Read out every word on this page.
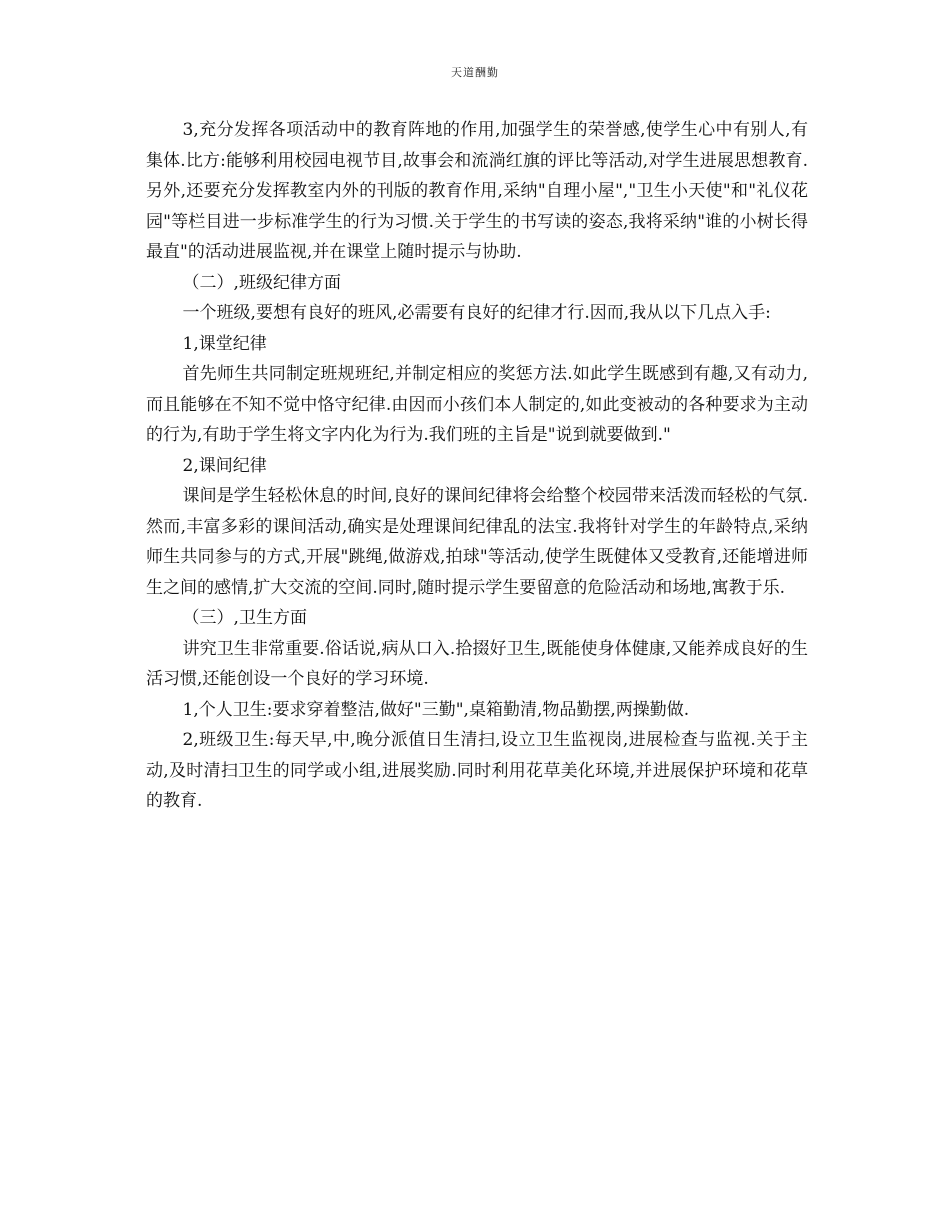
天道酬勤

3,充分发挥各项活动中的教育阵地的作用,加强学生的荣誉感,使学生心中有别人,有集体.比方:能够利用校园电视节目,故事会和流淌红旗的评比等活动,对学生进展思想教育.另外,还要充分发挥教室内外的刊版的教育作用,采纳"自理小屋","卫生小天使"和"礼仪花园"等栏目进一步标准学生的行为习惯.关于学生的书写读的姿态,我将采纳"谁的小树长得最直"的活动进展监视,并在课堂上随时提示与协助.

（二）,班级纪律方面

一个班级,要想有良好的班风,必需要有良好的纪律才行.因而,我从以下几点入手:

1,课堂纪律

首先师生共同制定班规班纪,并制定相应的奖惩方法.如此学生既感到有趣,又有动力,而且能够在不知不觉中恪守纪律.由因而小孩们本人制定的,如此变被动的各种要求为主动的行为,有助于学生将文字内化为行为.我们班的主旨是"说到就要做到."

2,课间纪律

课间是学生轻松休息的时间,良好的课间纪律将会给整个校园带来活泼而轻松的气氛.然而,丰富多彩的课间活动,确实是处理课间纪律乱的法宝.我将针对学生的年龄特点,采纳师生共同参与的方式,开展"跳绳,做游戏,拍球"等活动,使学生既健体又受教育,还能增进师生之间的感情,扩大交流的空间.同时,随时提示学生要留意的危险活动和场地,寓教于乐.

（三）,卫生方面

讲究卫生非常重要.俗话说,病从口入.拾掇好卫生,既能使身体健康,又能养成良好的生活习惯,还能创设一个良好的学习环境.

1,个人卫生:要求穿着整洁,做好"三勤",桌箱勤清,物品勤摆,两操勤做.

2,班级卫生:每天早,中,晚分派值日生清扫,设立卫生监视岗,进展检查与监视.关于主动,及时清扫卫生的同学或小组,进展奖励.同时利用花草美化环境,并进展保护环境和花草的教育.
